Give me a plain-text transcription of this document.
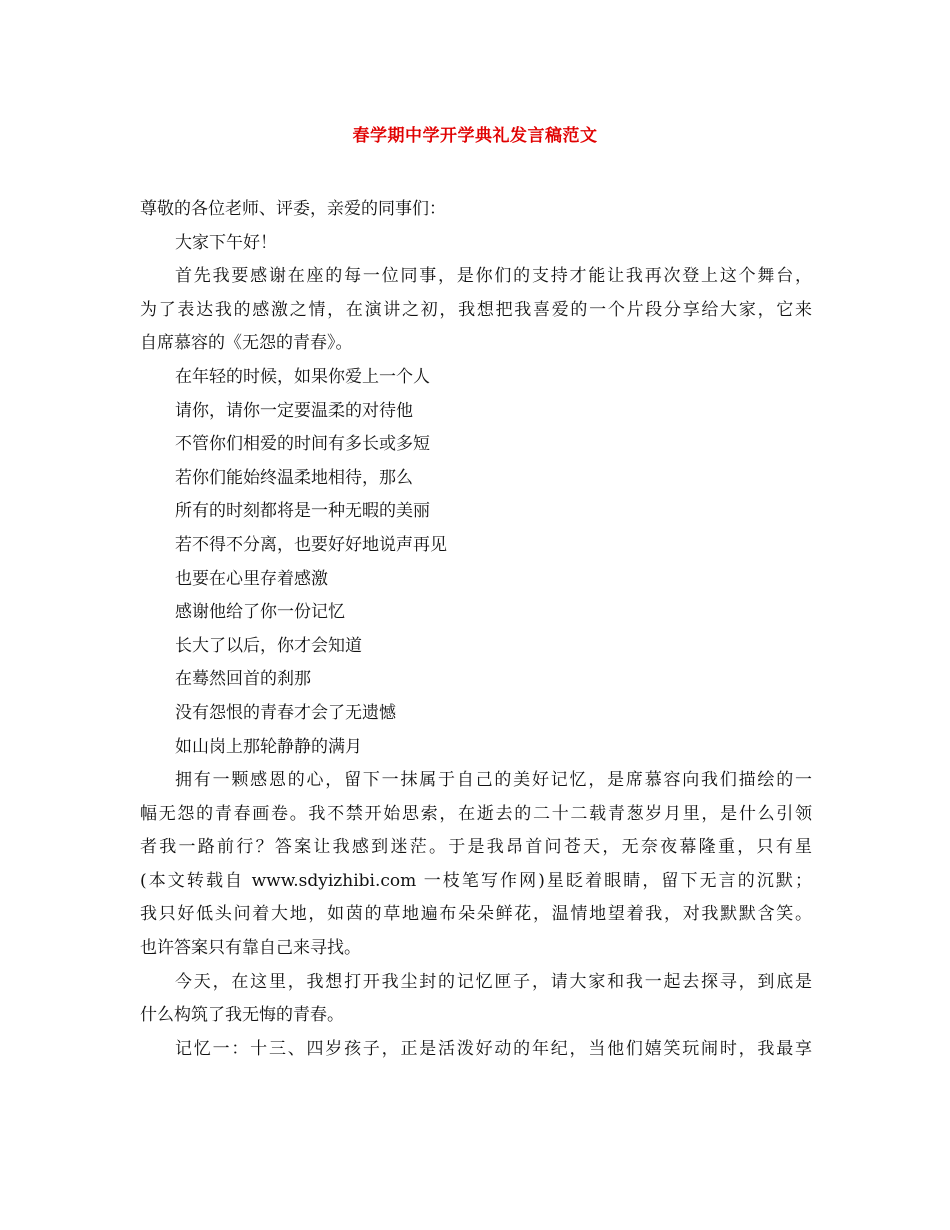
春学期中学开学典礼发言稿范文
尊敬的各位老师、评委，亲爱的同事们：
大家下午好！
首先我要感谢在座的每一位同事，是你们的支持才能让我再次登上这个舞台，
为了表达我的感激之情，在演讲之初，我想把我喜爱的一个片段分享给大家，它来
自席慕容的《无怨的青春》。
在年轻的时候，如果你爱上一个人
请你，请你一定要温柔的对待他
不管你们相爱的时间有多长或多短
若你们能始终温柔地相待，那么
所有的时刻都将是一种无暇的美丽
若不得不分离，也要好好地说声再见
也要在心里存着感激
感谢他给了你一份记忆
长大了以后，你才会知道
在蓦然回首的刹那
没有怨恨的青春才会了无遗憾
如山岗上那轮静静的满月
拥有一颗感恩的心，留下一抹属于自己的美好记忆，是席慕容向我们描绘的一
幅无怨的青春画卷。我不禁开始思索，在逝去的二十二载青葱岁月里，是什么引领
者我一路前行？答案让我感到迷茫。于是我昂首问苍天，无奈夜幕隆重，只有星
(本文转载自 www.sdyizhibi.com 一枝笔写作网)星眨着眼睛，留下无言的沉默；
我只好低头问着大地，如茵的草地遍布朵朵鲜花，温情地望着我，对我默默含笑。
也许答案只有靠自己来寻找。
今天，在这里，我想打开我尘封的记忆匣子，请大家和我一起去探寻，到底是
什么构筑了我无悔的青春。
记忆一：十三、四岁孩子，正是活泼好动的年纪，当他们嬉笑玩闹时，我最享
